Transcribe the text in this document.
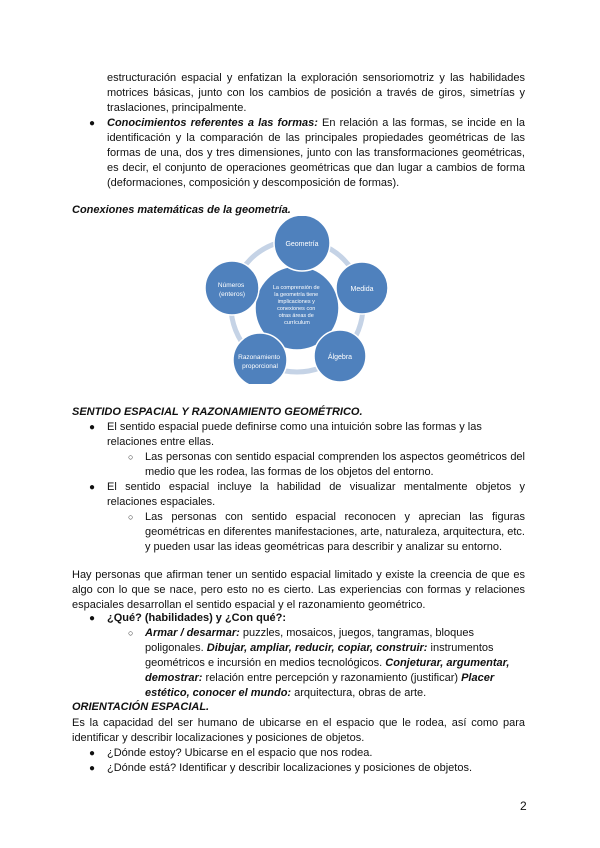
estructuración espacial y enfatizan la exploración sensoriomotriz y las habilidades motrices básicas, junto con los cambios de posición a través de giros, simetrías y traslaciones, principalmente.
● Conocimientos referentes a las formas: En relación a las formas, se incide en la identificación y la comparación de las principales propiedades geométricas de las formas de una, dos y tres dimensiones, junto con las transformaciones geométricas, es decir, el conjunto de operaciones geométricas que dan lugar a cambios de forma (deformaciones, composición y descomposición de formas).
Conexiones matemáticas de la geometría.
La comprensión de la geometría tiene implicaciones y conexiones con otras áreas de currículum
Geometría
Medida
Álgebra
Razonamiento proporcional
Números (enteros)
SENTIDO ESPACIAL Y RAZONAMIENTO GEOMÉTRICO.
● El sentido espacial puede definirse como una intuición sobre las formas y las relaciones entre ellas.
○ Las personas con sentido espacial comprenden los aspectos geométricos del medio que les rodea, las formas de los objetos del entorno.
● El sentido espacial incluye la habilidad de visualizar mentalmente objetos y relaciones espaciales.
○ Las personas con sentido espacial reconocen y aprecian las figuras geométricas en diferentes manifestaciones, arte, naturaleza, arquitectura, etc. y pueden usar las ideas geométricas para describir y analizar su entorno.
Hay personas que afirman tener un sentido espacial limitado y existe la creencia de que es algo con lo que se nace, pero esto no es cierto. Las experiencias con formas y relaciones espaciales desarrollan el sentido espacial y el razonamiento geométrico.
● ¿Qué? (habilidades) y ¿Con qué?:
○ Armar / desarmar: puzzles, mosaicos, juegos, tangramas, bloques poligonales. Dibujar, ampliar, reducir, copiar, construir: instrumentos geométricos e incursión en medios tecnológicos. Conjeturar, argumentar, demostrar: relación entre percepción y razonamiento (justificar) Placer estético, conocer el mundo: arquitectura, obras de arte.
ORIENTACIÓN ESPACIAL.
Es la capacidad del ser humano de ubicarse en el espacio que le rodea, así como para identificar y describir localizaciones y posiciones de objetos.
● ¿Dónde estoy? Ubicarse en el espacio que nos rodea.
● ¿Dónde está? Identificar y describir localizaciones y posiciones de objetos.
2
